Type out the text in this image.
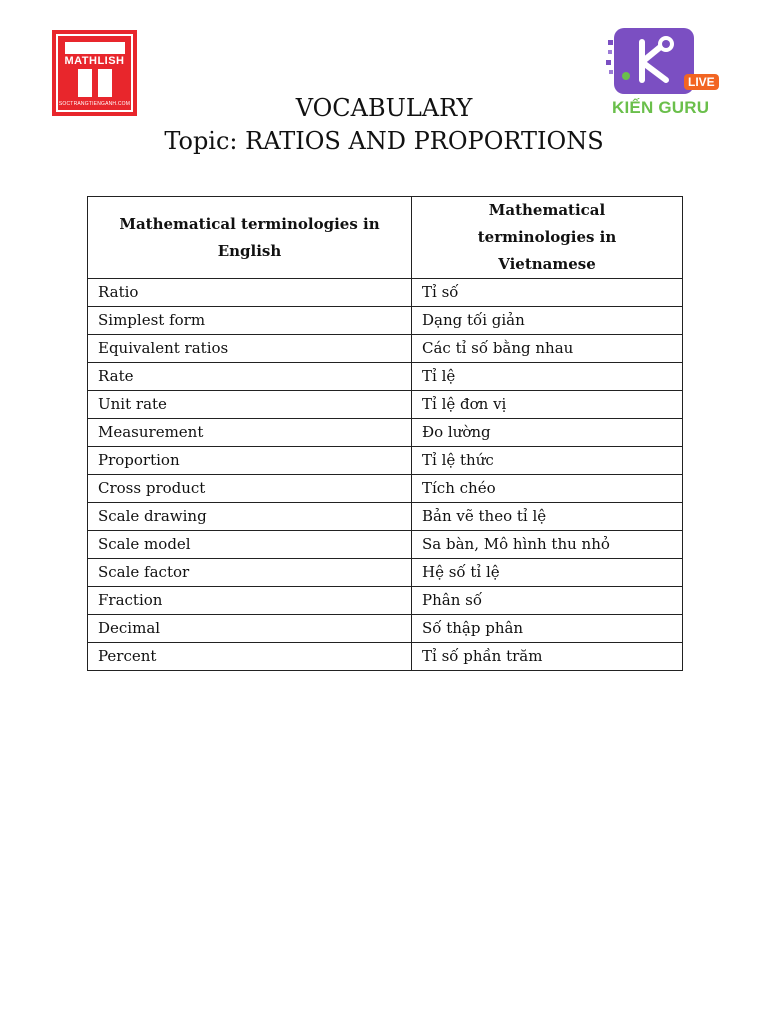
MATHLISH
SOCTRANGTIENGANH.COM
LIVE
KIẾN GURU
VOCABULARY
Topic: RATIOS AND PROPORTIONS
Mathematical terminologies in English	Mathematical terminologies in Vietnamese
Ratio	Tỉ số
Simplest form	Dạng tối giản
Equivalent ratios	Các tỉ số bằng nhau
Rate	Tỉ lệ
Unit rate	Tỉ lệ đơn vị
Measurement	Đo lường
Proportion	Tỉ lệ thức
Cross product	Tích chéo
Scale drawing	Bản vẽ theo tỉ lệ
Scale model	Sa bàn, Mô hình thu nhỏ
Scale factor	Hệ số tỉ lệ
Fraction	Phân số
Decimal	Số thập phân
Percent	Tỉ số phần trăm
